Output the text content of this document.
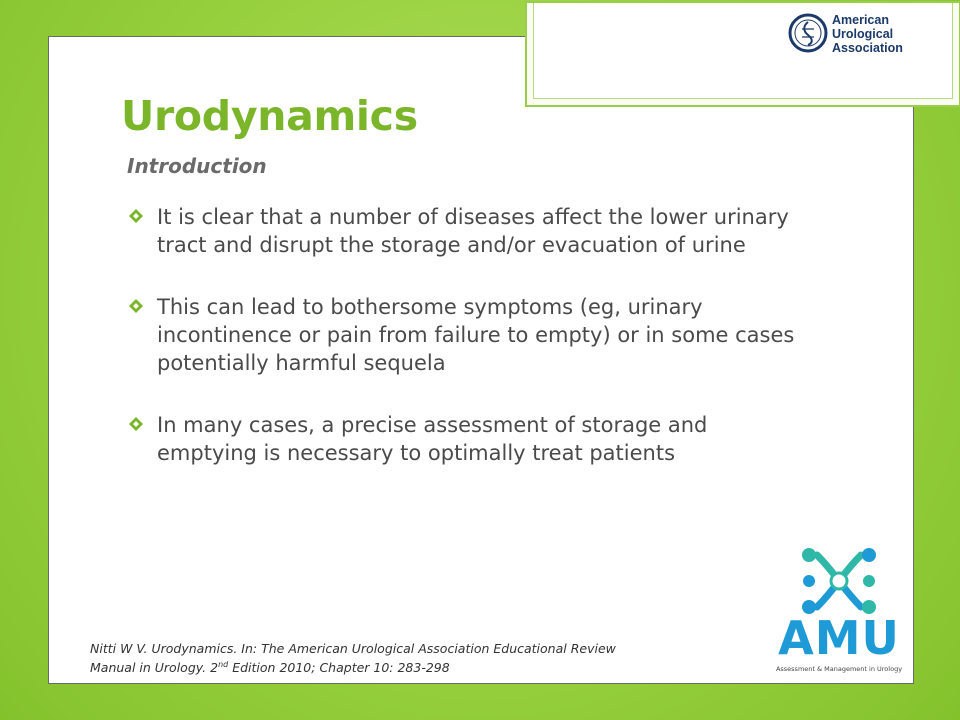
American
Urological
Association
Urodynamics
Introduction
It is clear that a number of diseases affect the lower urinary tract and disrupt the storage and/or evacuation of urine
This can lead to bothersome symptoms (eg, urinary incontinence or pain from failure to empty) or in some cases potentially harmful sequela
In many cases, a precise assessment of storage and emptying is necessary to optimally treat patients
Nitti W V. Urodynamics. In: The American Urological Association Educational Review
Manual in Urology. 2nd Edition 2010; Chapter 10: 283-298
AMU
Assessment & Management in Urology
